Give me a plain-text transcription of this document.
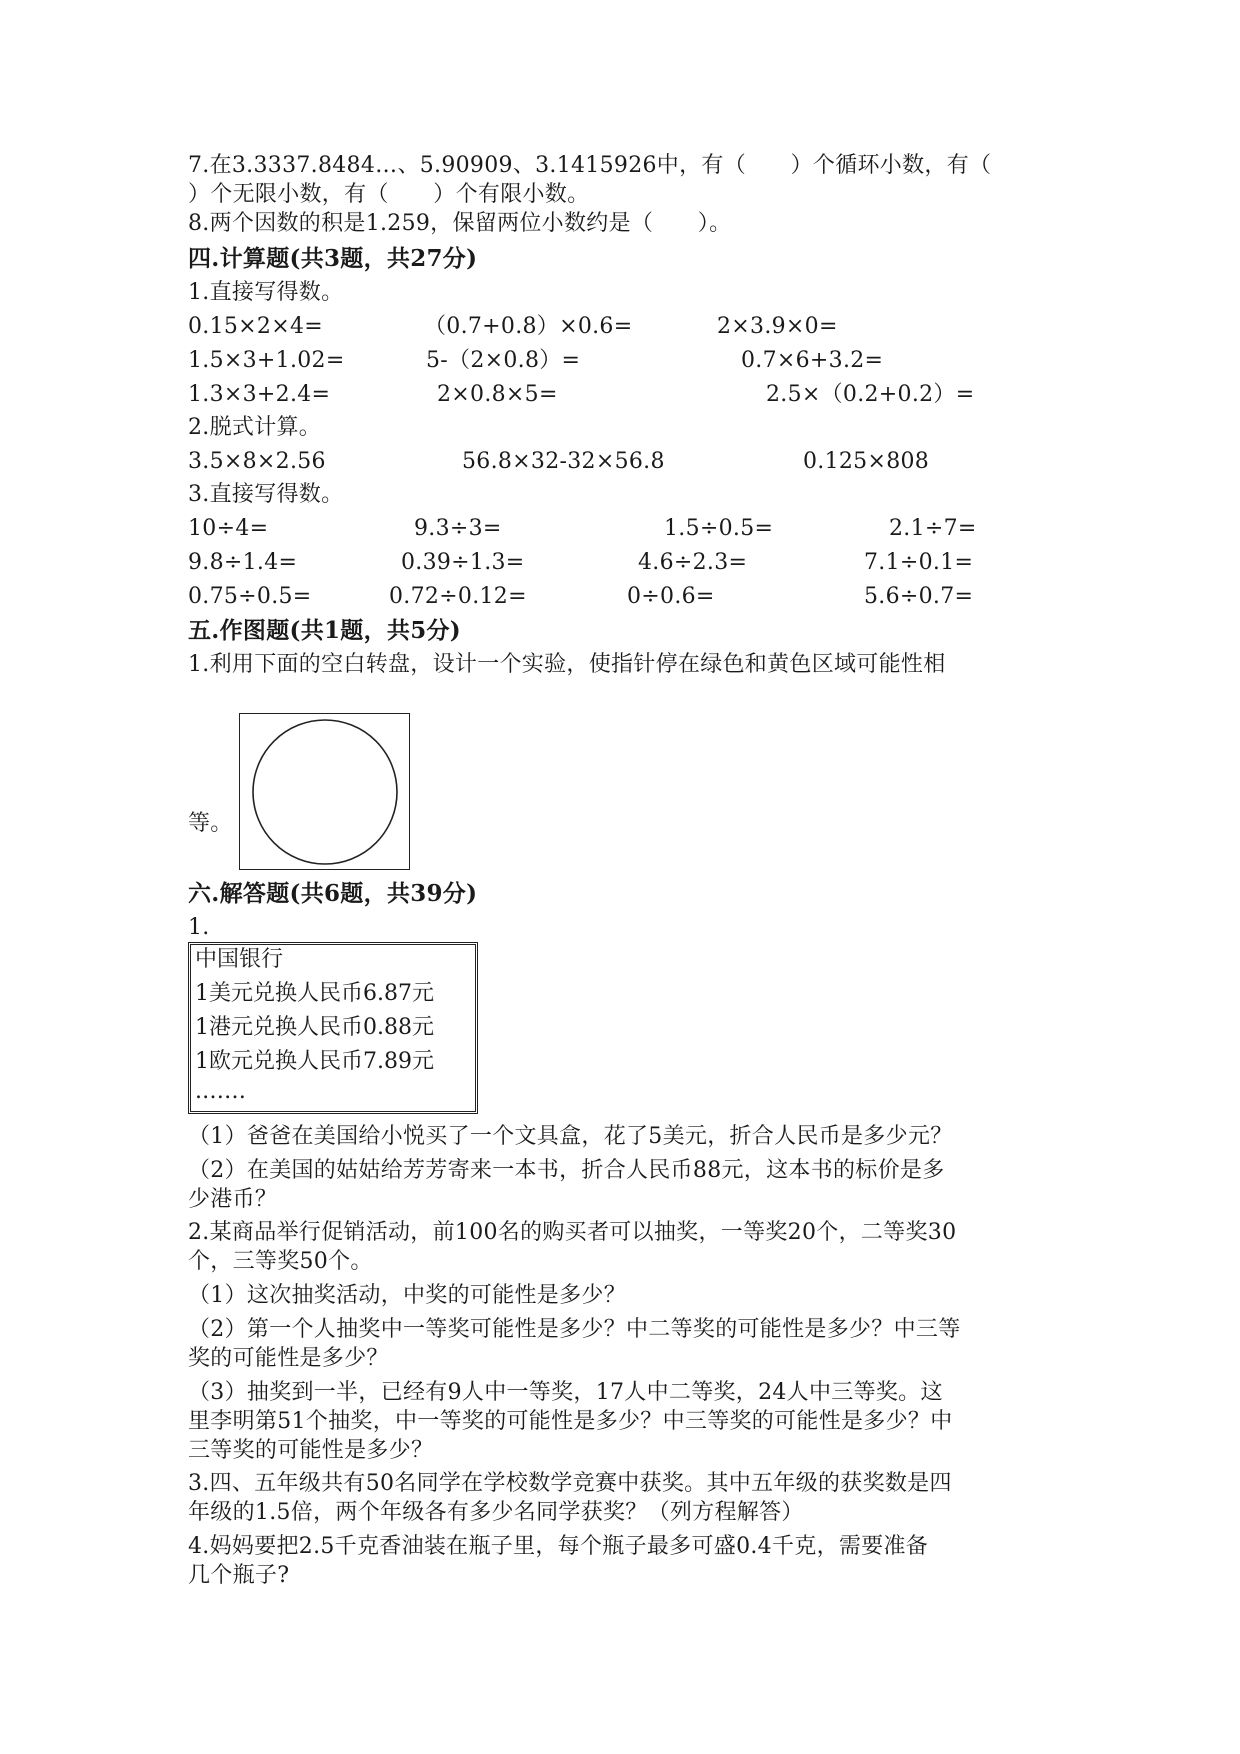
7.在3.3337.8484…、5.90909、3.1415926中，有（　　）个循环小数，有（
）个无限小数，有（　　）个有限小数。
8.两个因数的积是1.259，保留两位小数约是（　　）。
四.计算题(共3题，共27分)
1.直接写得数。
0.15×2×4=	（0.7+0.8）×0.6=	2×3.9×0=
1.5×3+1.02=	5-（2×0.8）=	0.7×6+3.2=
1.3×3+2.4=	2×0.8×5=	2.5×（0.2+0.2）=
2.脱式计算。
3.5×8×2.56	56.8×32-32×56.8	0.125×808
3.直接写得数。
10÷4=	9.3÷3=	1.5÷0.5=	2.1÷7=
9.8÷1.4=	0.39÷1.3=	4.6÷2.3=	7.1÷0.1=
0.75÷0.5=	0.72÷0.12=	0÷0.6=	5.6÷0.7=
五.作图题(共1题，共5分)
1.利用下面的空白转盘，设计一个实验，使指针停在绿色和黄色区域可能性相
等。
六.解答题(共6题，共39分)
1.
中国银行
1美元兑换人民币6.87元
1港元兑换人民币0.88元
1欧元兑换人民币7.89元
.……
（1）爸爸在美国给小悦买了一个文具盒，花了5美元，折合人民币是多少元？
（2）在美国的姑姑给芳芳寄来一本书，折合人民币88元，这本书的标价是多
少港币？
2.某商品举行促销活动，前100名的购买者可以抽奖，一等奖20个，二等奖30
个，三等奖50个。
（1）这次抽奖活动，中奖的可能性是多少？
（2）第一个人抽奖中一等奖可能性是多少？中二等奖的可能性是多少？中三等
奖的可能性是多少？
（3）抽奖到一半，已经有9人中一等奖，17人中二等奖，24人中三等奖。这
里李明第51个抽奖，中一等奖的可能性是多少？中三等奖的可能性是多少？中
三等奖的可能性是多少？
3.四、五年级共有50名同学在学校数学竞赛中获奖。其中五年级的获奖数是四
年级的1.5倍，两个年级各有多少名同学获奖？（列方程解答）
4.妈妈要把2.5千克香油装在瓶子里，每个瓶子最多可盛0.4千克，需要准备
几个瓶子?
